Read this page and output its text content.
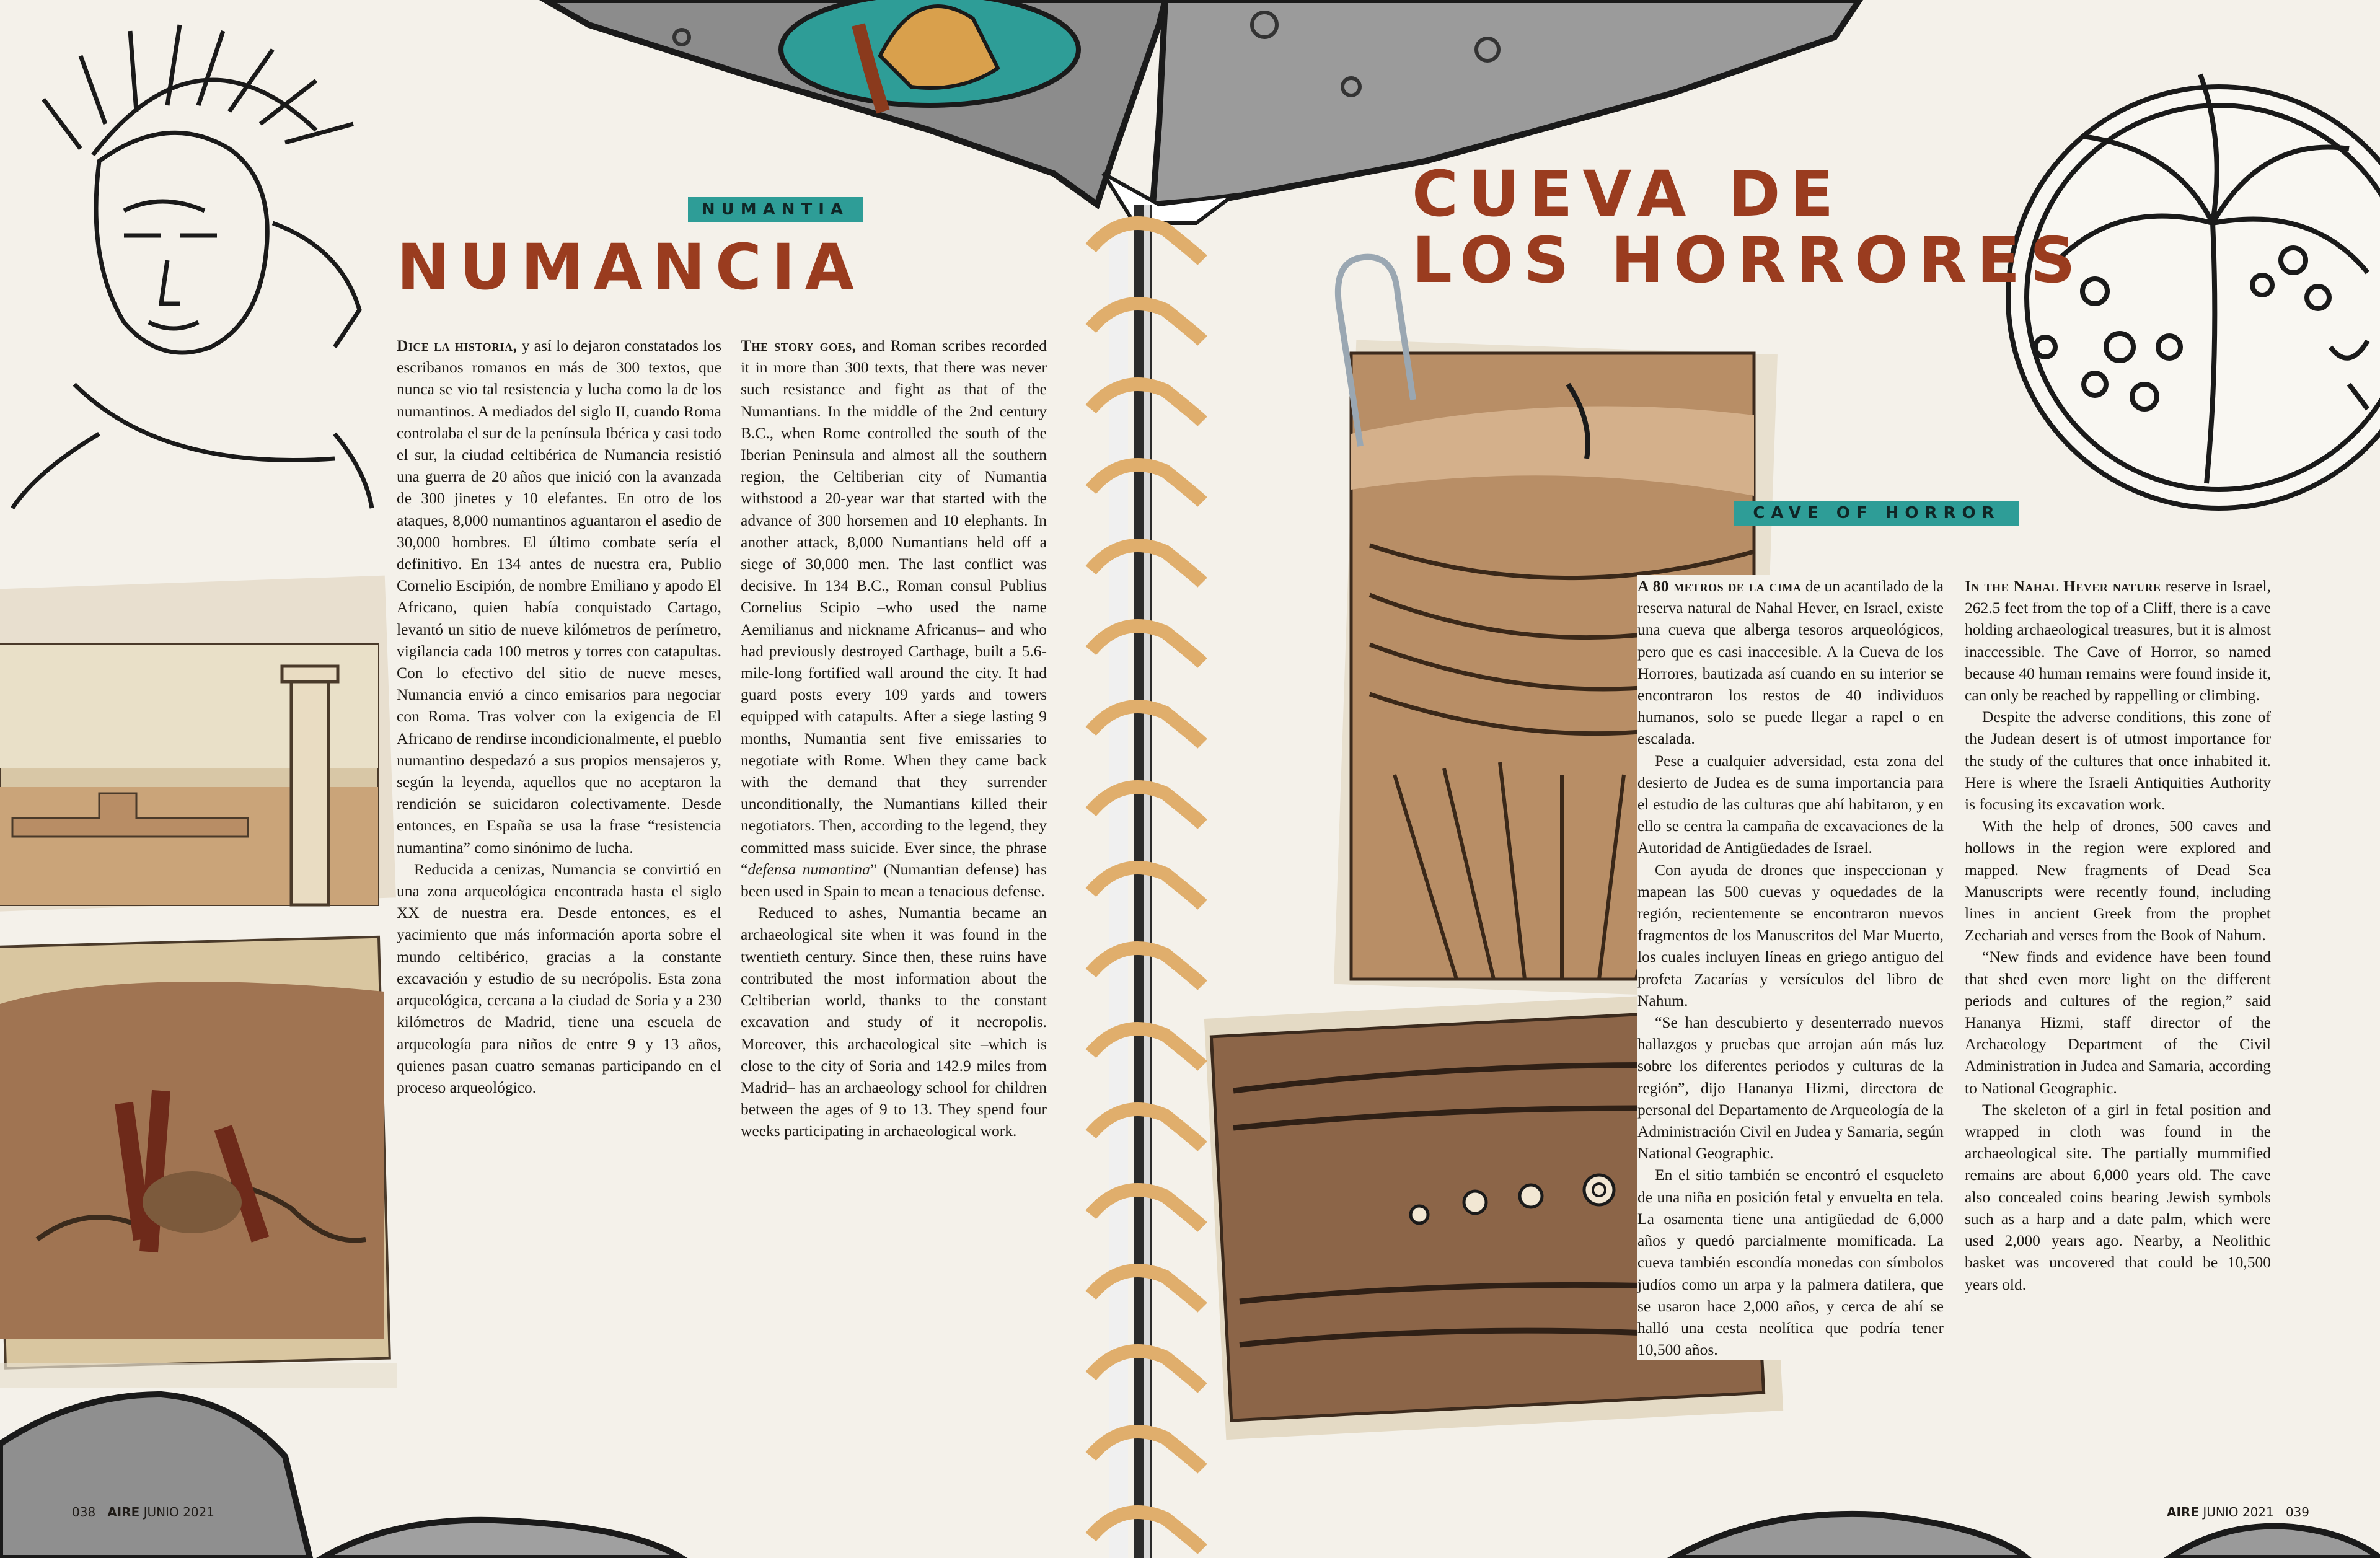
NUMANTIA
NUMANCIA

Dice la historia, y así lo dejaron constatados los escribanos romanos en más de 300 textos, que nunca se vio tal resistencia y lucha como la de los numantinos. A mediados del siglo II, cuando Roma controlaba el sur de la península Ibérica y casi todo el sur, la ciudad celtibérica de Numancia resistió una guerra de 20 años que inició con la avanzada de 300 jinetes y 10 elefantes. En otro de los ataques, 8,000 numantinos aguantaron el asedio de 30,000 hombres. El último combate sería el definitivo. En 134 antes de nuestra era, Publio Cornelio Escipión, de nombre Emiliano y apodo El Africano, quien había conquistado Cartago, levantó un sitio de nueve kilómetros de perímetro, vigilancia cada 100 metros y torres con catapultas. Con lo efectivo del sitio de nueve meses, Numancia envió a cinco emisarios para negociar con Roma. Tras volver con la exigencia de El Africano de rendirse incondicionalmente, el pueblo numantino despedazó a sus propios mensajeros y, según la leyenda, aquellos que no aceptaron la rendición se suicidaron colectivamente. Desde entonces, en España se usa la frase “resistencia numantina” como sinónimo de lucha.

Reducida a cenizas, Numancia se convirtió en una zona arqueológica encontrada hasta el siglo XX de nuestra era. Desde entonces, es el yacimiento que más información aporta sobre el mundo celtibérico, gracias a la constante excavación y estudio de su necrópolis. Esta zona arqueológica, cercana a la ciudad de Soria y a 230 kilómetros de Madrid, tiene una escuela de arqueología para niños de entre 9 y 13 años, quienes pasan cuatro semanas participando en el proceso arqueológico.

The story goes, and Roman scribes recorded it in more than 300 texts, that there was never such resistance and fight as that of the Numantians. In the middle of the 2nd century B.C., when Rome controlled the south of the Iberian Peninsula and almost all the southern region, the Celtiberian city of Numantia withstood a 20-year war that started with the advance of 300 horsemen and 10 elephants. In another attack, 8,000 Numantians held off a siege of 30,000 men. The last conflict was decisive. In 134 B.C., Roman consul Publius Cornelius Scipio –who used the name Aemilianus and nickname Africanus– and who had previously destroyed Carthage, built a 5.6-mile-long fortified wall around the city. It had guard posts every 109 yards and towers equipped with catapults. After a siege lasting 9 months, Numantia sent five emissaries to negotiate with Rome. When they came back with the demand that they surrender unconditionally, the Numantians killed their negotiators. Then, according to the legend, they committed mass suicide. Ever since, the phrase “defensa numantina” (Numantian defense) has been used in Spain to mean a tenacious defense.

Reduced to ashes, Numantia became an archaeological site when it was found in the twentieth century. Since then, these ruins have contributed the most information about the Celtiberian world, thanks to the constant excavation and study of it necropolis. Moreover, this archaeological site –which is close to the city of Soria and 142.9 miles from Madrid– has an archaeology school for children between the ages of 9 to 13. They spend four weeks participating in archaeological work.

038 AIRE JUNIO 2021
CUEVA DE
LOS HORRORES
CAVE OF HORROR

A 80 metros de la cima de un acantilado de la reserva natural de Nahal Hever, en Israel, existe una cueva que alberga tesoros arqueológicos, pero que es casi inaccesible. A la Cueva de los Horrores, bautizada así cuando en su interior se encontraron los restos de 40 individuos humanos, solo se puede llegar a rapel o en escalada.

Pese a cualquier adversidad, esta zona del desierto de Judea es de suma importancia para el estudio de las culturas que ahí habitaron, y en ello se centra la campaña de excavaciones de la Autoridad de Antigüedades de Israel.

Con ayuda de drones que inspeccionan y mapean las 500 cuevas y oquedades de la región, recientemente se encontraron nuevos fragmentos de los Manuscritos del Mar Muerto, los cuales incluyen líneas en griego antiguo del profeta Zacarías y versículos del libro de Nahum.

“Se han descubierto y desenterrado nuevos hallazgos y pruebas que arrojan aún más luz sobre los diferentes periodos y culturas de la región”, dijo Hananya Hizmi, directora de personal del Departamento de Arqueología de la Administración Civil en Judea y Samaria, según National Geographic.

En el sitio también se encontró el esqueleto de una niña en posición fetal y envuelta en tela. La osamenta tiene una antigüedad de 6,000 años y quedó parcialmente momificada. La cueva también escondía monedas con símbolos judíos como un arpa y la palmera datilera, que se usaron hace 2,000 años, y cerca de ahí se halló una cesta neolítica que podría tener 10,500 años.

In the Nahal Hever nature reserve in Israel, 262.5 feet from the top of a Cliff, there is a cave holding archaeological treasures, but it is almost inaccessible. The Cave of Horror, so named because 40 human remains were found inside it, can only be reached by rappelling or climbing.

Despite the adverse conditions, this zone of the Judean desert is of utmost importance for the study of the cultures that once inhabited it. Here is where the Israeli Antiquities Authority is focusing its excavation work.

With the help of drones, 500 caves and hollows in the region were explored and mapped. New fragments of Dead Sea Manuscripts were recently found, including lines in ancient Greek from the prophet Zechariah and verses from the Book of Nahum.

“New finds and evidence have been found that shed even more light on the different periods and cultures of the region,” said Hananya Hizmi, staff director of the Archaeology Department of the Civil Administration in Judea and Samaria, according to National Geographic.

The skeleton of a girl in fetal position and wrapped in cloth was found in the archaeological site. The partially mummified remains are about 6,000 years old. The cave also concealed coins bearing Jewish symbols such as a harp and a date palm, which were used 2,000 years ago. Nearby, a Neolithic basket was uncovered that could be 10,500 years old.

AIRE JUNIO 2021 039
